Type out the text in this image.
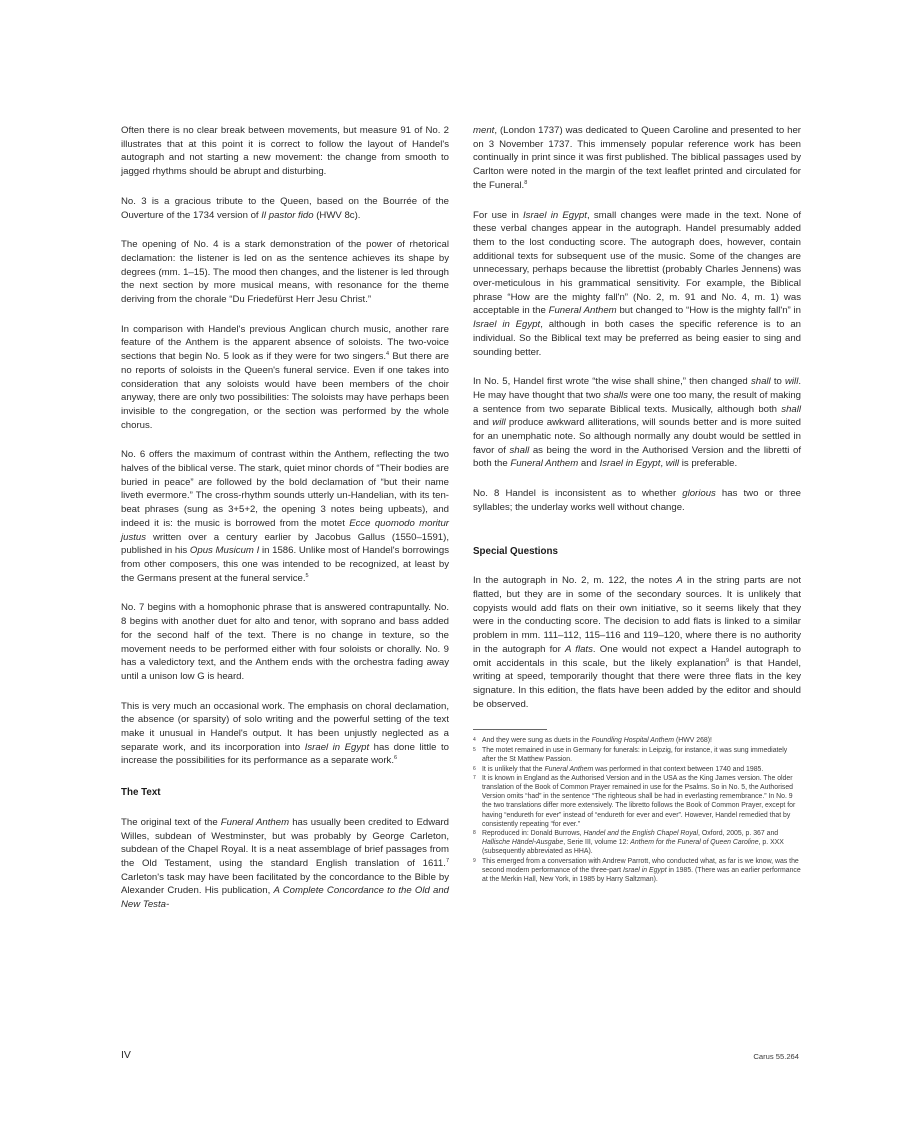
Often there is no clear break between movements, but measure 91 of No. 2 illustrates that at this point it is correct to follow the layout of Handel's autograph and not starting a new movement: the change from smooth to jagged rhythms should be abrupt and disturbing.

No. 3 is a gracious tribute to the Queen, based on the Bourrée of the Ouverture of the 1734 version of Il pastor fido (HWV 8c).

The opening of No. 4 is a stark demonstration of the power of rhetorical declamation: the listener is led on as the sentence achieves its shape by degrees (mm. 1–15). The mood then changes, and the listener is led through the next section by more musical means, with resonance for the theme deriving from the chorale “Du Friedefürst Herr Jesu Christ.”

In comparison with Handel's previous Anglican church music, another rare feature of the Anthem is the apparent absence of soloists. The two-voice sections that begin No. 5 look as if they were for two singers.$^4$ But there are no reports of soloists in the Queen's funeral service. Even if one takes into consideration that any soloists would have been members of the choir anyway, there are only two possibilities: The soloists may have perhaps been invisible to the congregation, or the section was performed by the whole chorus.

No. 6 offers the maximum of contrast within the Anthem, reflecting the two halves of the biblical verse. The stark, quiet minor chords of “Their bodies are buried in peace” are followed by the bold declamation of “but their name liveth evermore.” The cross-rhythm sounds utterly un-Handelian, with its ten-beat phrases (sung as 3+5+2, the opening 3 notes being upbeats), and indeed it is: the music is borrowed from the motet Ecce quomodo moritur justus written over a century earlier by Jacobus Gallus (1550–1591), published in his Opus Musicum I in 1586. Unlike most of Handel's borrowings from other composers, this one was intended to be recognized, at least by the Germans present at the funeral service.$^5$

No. 7 begins with a homophonic phrase that is answered contrapuntally. No. 8 begins with another duet for alto and tenor, with soprano and bass added for the second half of the text. There is no change in texture, so the movement needs to be performed either with four soloists or chorally. No. 9 has a valedictory text, and the Anthem ends with the orchestra fading away until a unison low G is heard.

This is very much an occasional work. The emphasis on choral declamation, the absence (or sparsity) of solo writing and the powerful setting of the text make it unusual in Handel's output. It has been unjustly neglected as a separate work, and its incorporation into Israel in Egypt has done little to increase the possibilities for its performance as a separate work.$^6$

The Text

The original text of the Funeral Anthem has usually been credited to Edward Willes, subdean of Westminster, but was probably by George Carleton, subdean of the Chapel Royal. It is a neat assemblage of brief passages from the Old Testament, using the standard English translation of 1611.$^7$ Carleton's task may have been facilitated by the concordance to the Bible by Alexander Cruden. His publication, A Complete Concordance to the Old and New Testa-

ment, (London 1737) was dedicated to Queen Caroline and presented to her on 3 November 1737. This immensely popular reference work has been continually in print since it was first published. The biblical passages used by Carlton were noted in the margin of the text leaflet printed and circulated for the Funeral.$^8$

For use in Israel in Egypt, small changes were made in the text. None of these verbal changes appear in the autograph. Handel presumably added them to the lost conducting score. The autograph does, however, contain additional texts for subsequent use of the music. Some of the changes are unnecessary, perhaps because the librettist (probably Charles Jennens) was over-meticulous in his grammatical sensitivity. For example, the Biblical phrase “How are the mighty fall'n” (No. 2, m. 91 and No. 4, m. 1) was acceptable in the Funeral Anthem but changed to “How is the mighty fall'n” in Israel in Egypt, although in both cases the specific reference is to an individual. So the Biblical text may be preferred as being easier to sing and sounding better.

In No. 5, Handel first wrote “the wise shall shine,” then changed shall to will. He may have thought that two shalls were one too many, the result of making a sentence from two separate Biblical texts. Musically, although both shall and will produce awkward alliterations, will sounds better and is more suited for an unemphatic note. So although normally any doubt would be settled in favor of shall as being the word in the Authorised Version and the libretti of both the Funeral Anthem and Israel in Egypt, will is preferable.

No. 8 Handel is inconsistent as to whether glorious has two or three syllables; the underlay works well without change.

Special Questions

In the autograph in No. 2, m. 122, the notes A in the string parts are not flatted, but they are in some of the secondary sources. It is unlikely that copyists would add flats on their own initiative, so it seems likely that they were in the conducting score. The decision to add flats is linked to a similar problem in mm. 111–112, 115–116 and 119–120, where there is no authority in the autograph for A flats. One would not expect a Handel autograph to omit accidentals in this scale, but the likely explanation$^9$ is that Handel, writing at speed, temporarily thought that there were three flats in the key signature. In this edition, the flats have been added by the editor and should be observed.

4 And they were sung as duets in the Foundling Hospital Anthem (HWV 268)!
5 The motet remained in use in Germany for funerals: in Leipzig, for instance, it was sung immediately after the St Matthew Passion.
6 It is unlikely that the Funeral Anthem was performed in that context between 1740 and 1985.
7 It is known in England as the Authorised Version and in the USA as the King James version. The older translation of the Book of Common Prayer remained in use for the Psalms. So in No. 5, the Authorised Version omits “had” in the sentence “The righteous shall be had in everlasting remembrance.” In No. 9 the two translations differ more extensively. The libretto follows the Book of Common Prayer, except for having “endureth for ever” instead of “endureth for ever and ever”. However, Handel remedied that by consistently repeating “for ever.”
8 Reproduced in: Donald Burrows, Handel and the English Chapel Royal, Oxford, 2005, p. 367 and Hallische Händel-Ausgabe, Serie III, volume 12: Anthem for the Funeral of Queen Caroline, p. XXX (subsequently abbreviated as HHA).
9 This emerged from a conversation with Andrew Parrott, who conducted what, as far is we know, was the second modern performance of the three-part Israel in Egypt in 1985. (There was an earlier performance at the Merkin Hall, New York, in 1985 by Harry Saltzman).
IV	Carus 55.264
